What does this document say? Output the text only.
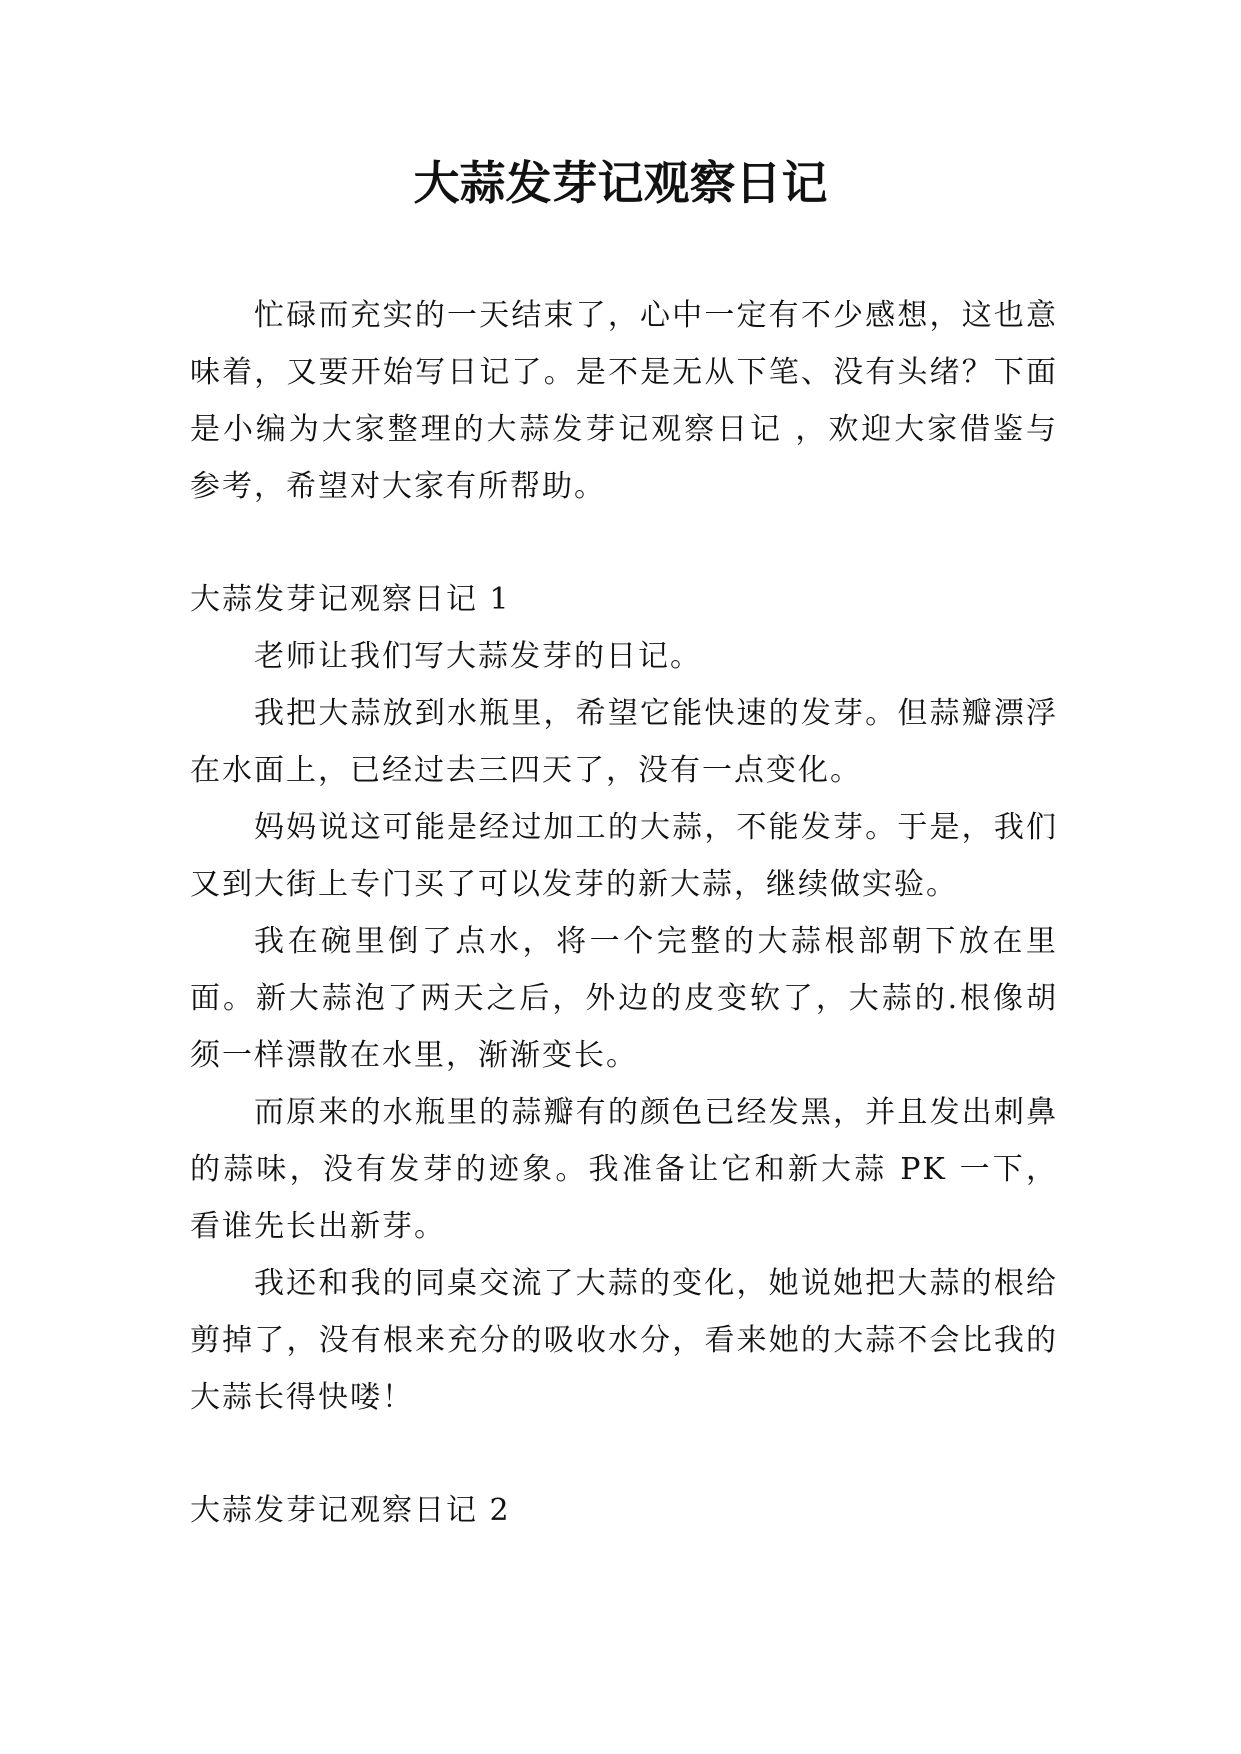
大蒜发芽记观察日记

忙碌而充实的一天结束了，心中一定有不少感想，这也意味着，又要开始写日记了。是不是无从下笔、没有头绪？下面是小编为大家整理的大蒜发芽记观察日记 ，欢迎大家借鉴与参考，希望对大家有所帮助。

大蒜发芽记观察日记 1

老师让我们写大蒜发芽的日记。

我把大蒜放到水瓶里，希望它能快速的发芽。但蒜瓣漂浮在水面上，已经过去三四天了，没有一点变化。

妈妈说这可能是经过加工的大蒜，不能发芽。于是，我们又到大街上专门买了可以发芽的新大蒜，继续做实验。

我在碗里倒了点水，将一个完整的大蒜根部朝下放在里面。新大蒜泡了两天之后，外边的皮变软了，大蒜的.根像胡须一样漂散在水里，渐渐变长。

而原来的水瓶里的蒜瓣有的颜色已经发黑，并且发出刺鼻的蒜味，没有发芽的迹象。我准备让它和新大蒜 PK 一下，看谁先长出新芽。

我还和我的同桌交流了大蒜的变化，她说她把大蒜的根给剪掉了，没有根来充分的吸收水分，看来她的大蒜不会比我的大蒜长得快喽！

大蒜发芽记观察日记 2
